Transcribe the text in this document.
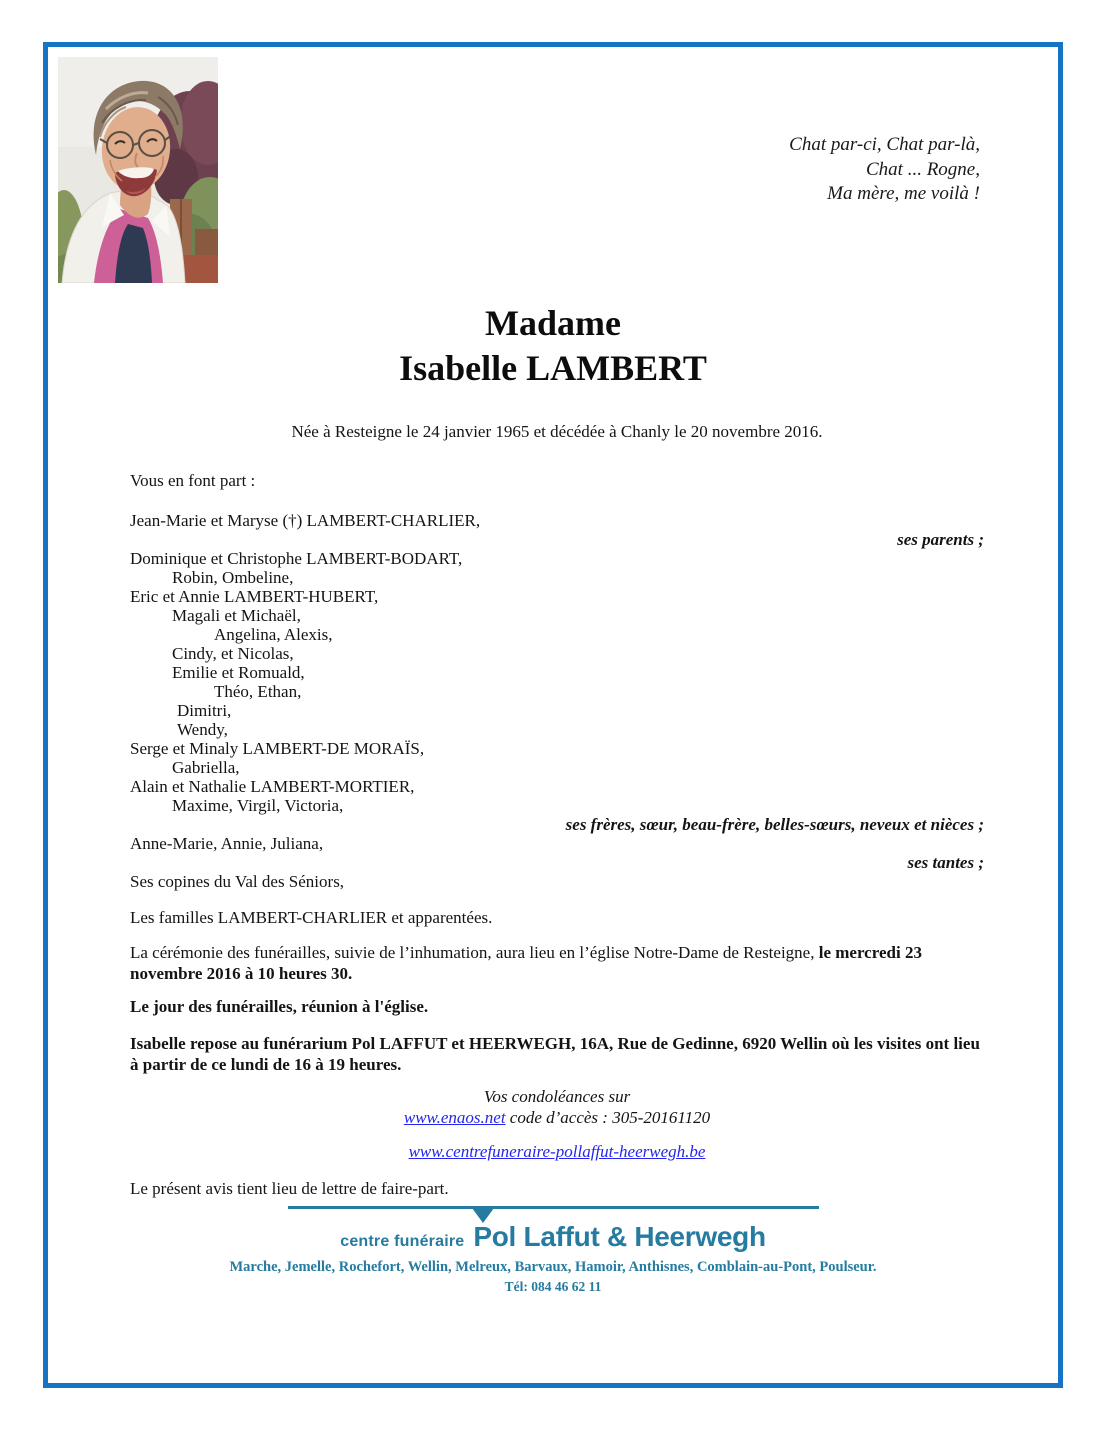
Chat par-ci, Chat par-là,
Chat ... Rogne,
Ma mère, me voilà !
Madame
Isabelle LAMBERT
Née à Resteigne le 24 janvier 1965 et décédée à Chanly le 20 novembre 2016.
Vous en font part :
Jean-Marie et Maryse (†) LAMBERT-CHARLIER,
ses parents ;
Dominique et Christophe LAMBERT-BODART,
Robin, Ombeline,
Eric et Annie LAMBERT-HUBERT,
Magali et Michaël,
Angelina, Alexis,
Cindy, et Nicolas,
Emilie et Romuald,
Théo, Ethan,
Dimitri,
Wendy,
Serge et Minaly LAMBERT-DE MORAÏS,
Gabriella,
Alain et Nathalie LAMBERT-MORTIER,
Maxime, Virgil, Victoria,
ses frères, sœur, beau-frère, belles-sœurs, neveux et nièces ;
Anne-Marie, Annie, Juliana,
ses tantes ;
Ses copines du Val des Séniors,
Les familles LAMBERT-CHARLIER et apparentées.
La cérémonie des funérailles, suivie de l’inhumation, aura lieu en l’église Notre-Dame de Resteigne, le mercredi 23 novembre 2016 à 10 heures 30.
Le jour des funérailles, réunion à l'église.
Isabelle repose au funérarium Pol LAFFUT et HEERWEGH, 16A, Rue de Gedinne, 6920 Wellin où les visites ont lieu à partir de ce lundi de 16 à 19 heures.
Vos condoléances sur
www.enaos.net code d’accès : 305-20161120
www.centrefuneraire-pollaffut-heerwegh.be
Le présent avis tient lieu de lettre de faire-part.
centre funéraire Pol Laffut & Heerwegh
Marche, Jemelle, Rochefort, Wellin, Melreux, Barvaux, Hamoir, Anthisnes, Comblain-au-Pont, Poulseur.
Tél: 084 46 62 11
